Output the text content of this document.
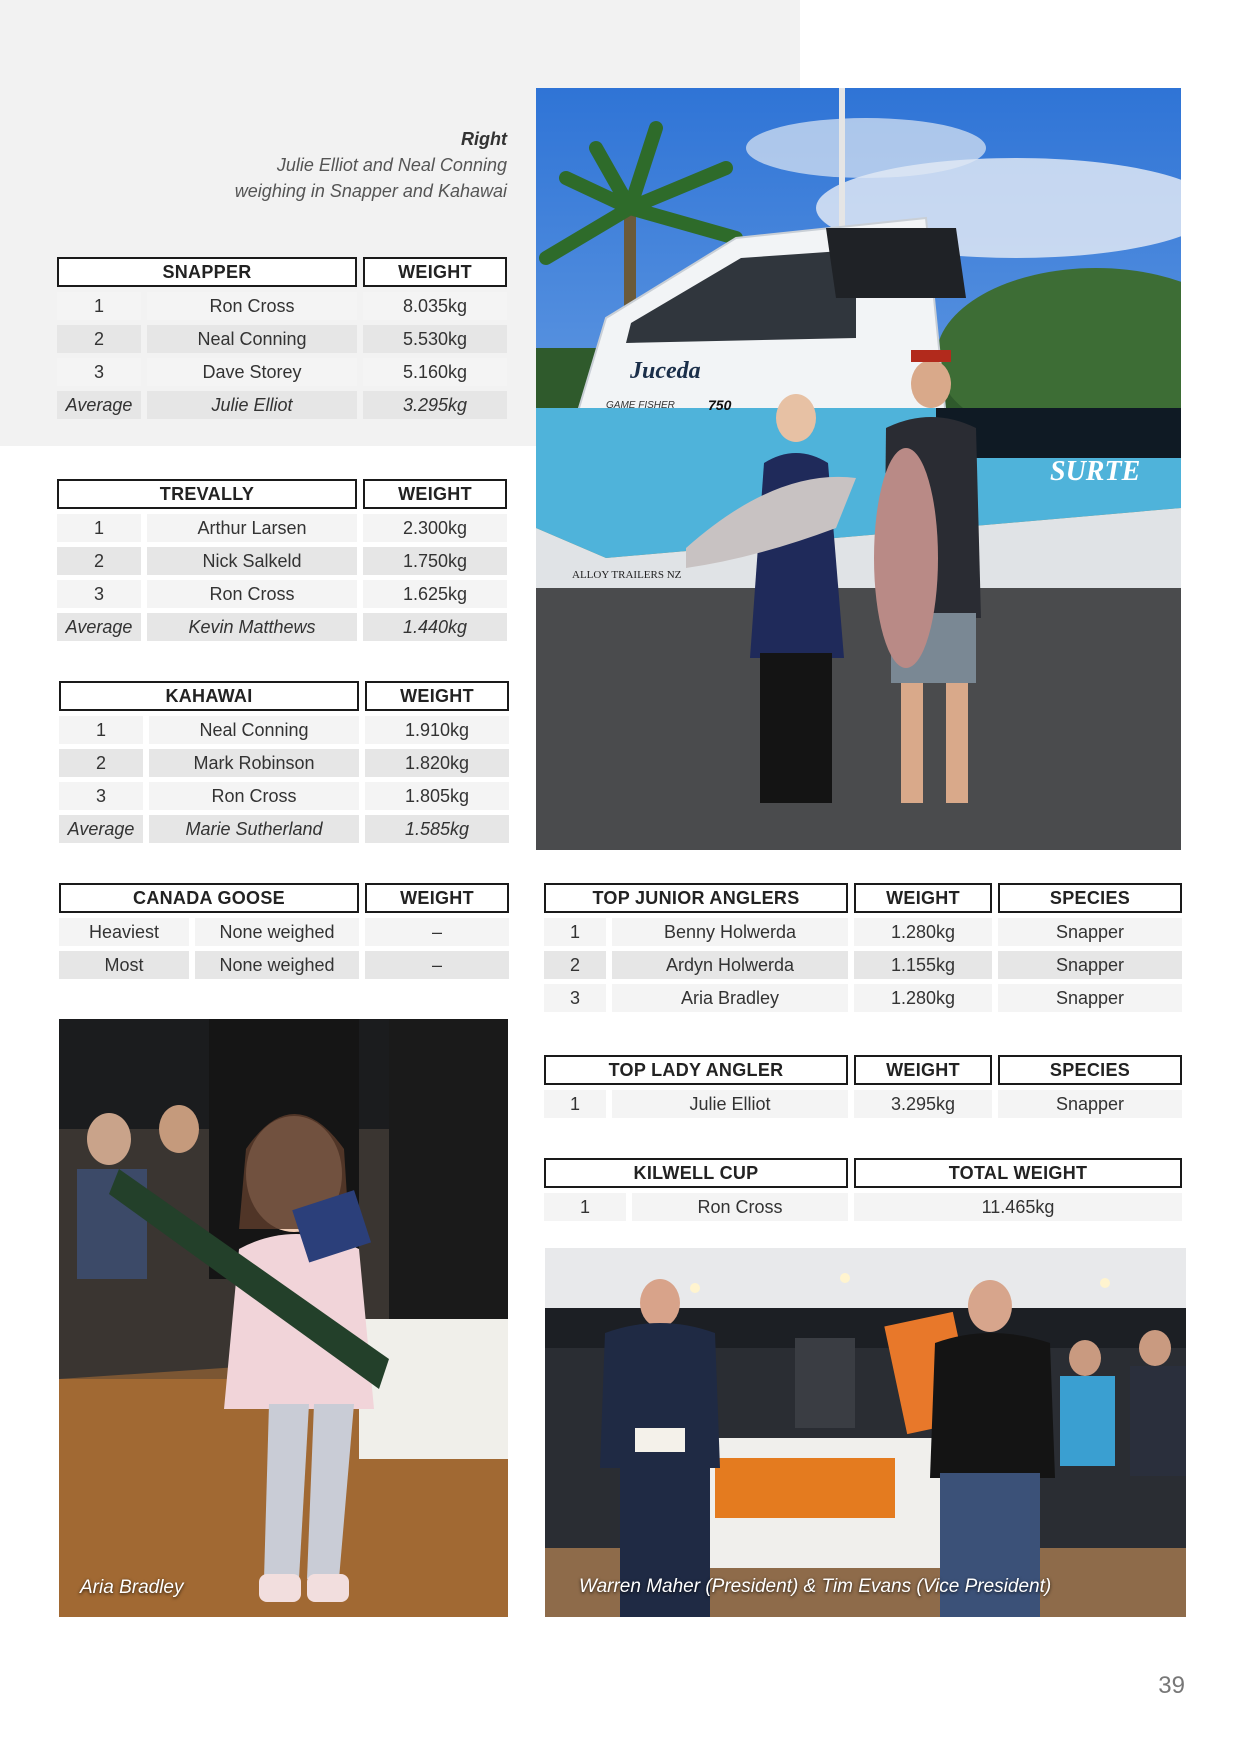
Right
Julie Elliot and Neal Conning
weighing in Snapper and Kahawai
SNAPPER		WEIGHT
1	Ron Cross	8.035kg
2	Neal Conning	5.530kg
3	Dave Storey	5.160kg
Average	Julie Elliot	3.295kg
TREVALLY		WEIGHT
1	Arthur Larsen	2.300kg
2	Nick Salkeld	1.750kg
3	Ron Cross	1.625kg
Average	Kevin Matthews	1.440kg
KAHAWAI		WEIGHT
1	Neal Conning	1.910kg
2	Mark Robinson	1.820kg
3	Ron Cross	1.805kg
Average	Marie Sutherland	1.585kg
CANADA GOOSE		WEIGHT
Heaviest	None weighed	–
Most	None weighed	–
TOP JUNIOR ANGLERS		WEIGHT	SPECIES
1	Benny Holwerda	1.280kg	Snapper
2	Ardyn Holwerda	1.155kg	Snapper
3	Aria Bradley	1.280kg	Snapper
TOP LADY ANGLER		WEIGHT	SPECIES
1	Julie Elliot	3.295kg	Snapper
KILWELL CUP		TOTAL WEIGHT
1	Ron Cross	11.465kg
Juceda
GAME FISHER 750
SURTE
ALLOY TRAILERS NZ
Aria Bradley	Warren Maher (President) & Tim Evans (Vice President)
39
